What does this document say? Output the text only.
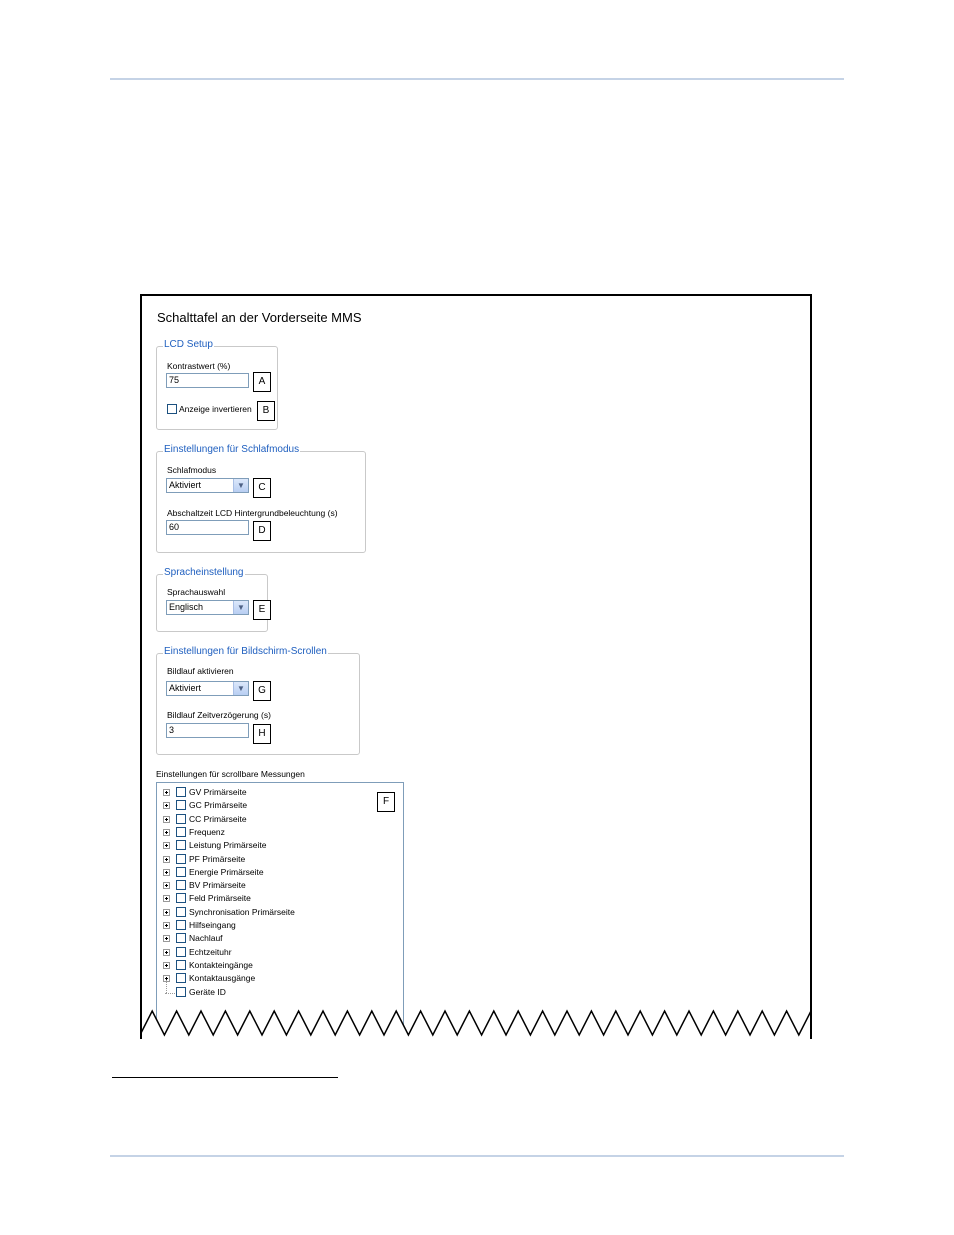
Schalttafel an der Vorderseite MMS
LCD Setup
Kontrastwert (%)
75	A
Anzeige invertieren	B
Einstellungen für Schlafmodus
Schlafmodus
Aktiviert	▼	C
Abschaltzeit LCD Hintergrundbeleuchtung (s)
60	D
Spracheinstellung
Sprachauswahl
Englisch	▼	E
Einstellungen für Bildschirm-Scrollen
Bildlauf aktivieren
Aktiviert	▼	G
Bildlauf Zeitverzögerung (s)
3	H
Einstellungen für scrollbare Messungen
F
GV Primärseite
GC Primärseite
CC Primärseite
Frequenz
Leistung Primärseite
PF Primärseite
Energie Primärseite
BV Primärseite
Feld Primärseite
Synchronisation Primärseite
Hilfseingang
Nachlauf
Echtzeituhr
Kontakteingänge
Kontaktausgänge
Geräte ID
